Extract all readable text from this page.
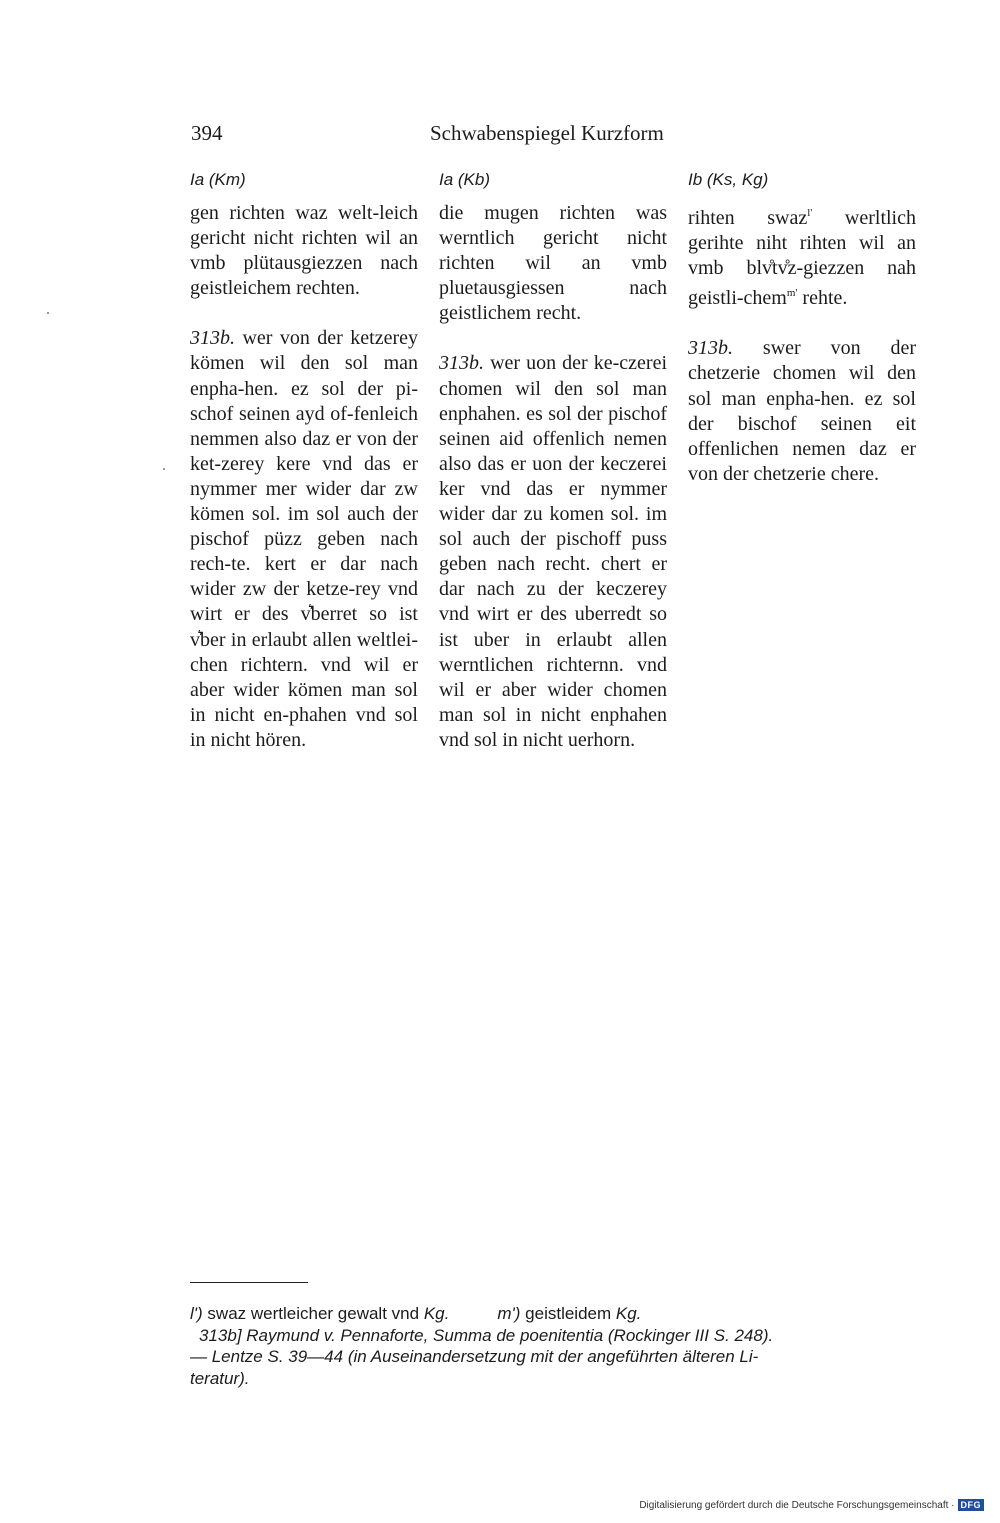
394	Schwabenspiegel Kurzform
Ia (Km)

gen richten waz welt-leich gericht nicht richten wil an vmb plütausgiezzen nach geistleichem rechten.

313b. wer von der ketzerey kömen wil den sol man enpha-hen. ez sol der pi-schof seinen ayd of-fenleich nemmen also daz er von der ket-zerey kere vnd das er nymmer mer wider dar zw kömen sol. im sol auch der pischof püzz geben nach rech-te. kert er dar nach wider zw der ketze-rey vnd wirt er des v͛berret so ist v͛ber in erlaubt allen weltlei-chen richtern. vnd wil er aber wider kömen man sol in nicht en-phahen vnd sol in nicht hören.

Ia (Kb)

die mugen richten was werntlich gericht nicht richten wil an vmb pluetausgiessen nach geistlichem recht.

313b. wer uon der ke-czerei chomen wil den sol man enphahen. es sol der pischof seinen aid offenlich nemen also das er uon der keczerei ker vnd das er nymmer wider dar zu komen sol. im sol auch der pischoff puss geben nach recht. chert er dar nach zu der keczerey vnd wirt er des uberredt so ist uber in erlaubt allen werntlichen richternn. vnd wil er aber wider chomen man sol in nicht enphahen vnd sol in nicht uerhorn.

Ib (Ks, Kg)

rihten swaz$^{l'}$ werltlich gerihte niht rihten wil an vmb blv̊tv̊z-giezzen nah geistli-chem$^{m'}$ rehte.

313b. swer von der chetzerie chomen wil den sol man enpha-hen. ez sol der bischof seinen eit offenlichen nemen daz er von der chetzerie chere.

l') swaz wertleicher gewalt vnd Kg.	m') geistleidem Kg.
313b] Raymund v. Pennaforte, Summa de poenitentia (Rockinger III S. 248).
— Lentze S. 39—44 (in Auseinandersetzung mit der angeführten älteren Li-
teratur).
Digitalisierung gefördert durch die Deutsche Forschungsgemeinschaft · DFG
